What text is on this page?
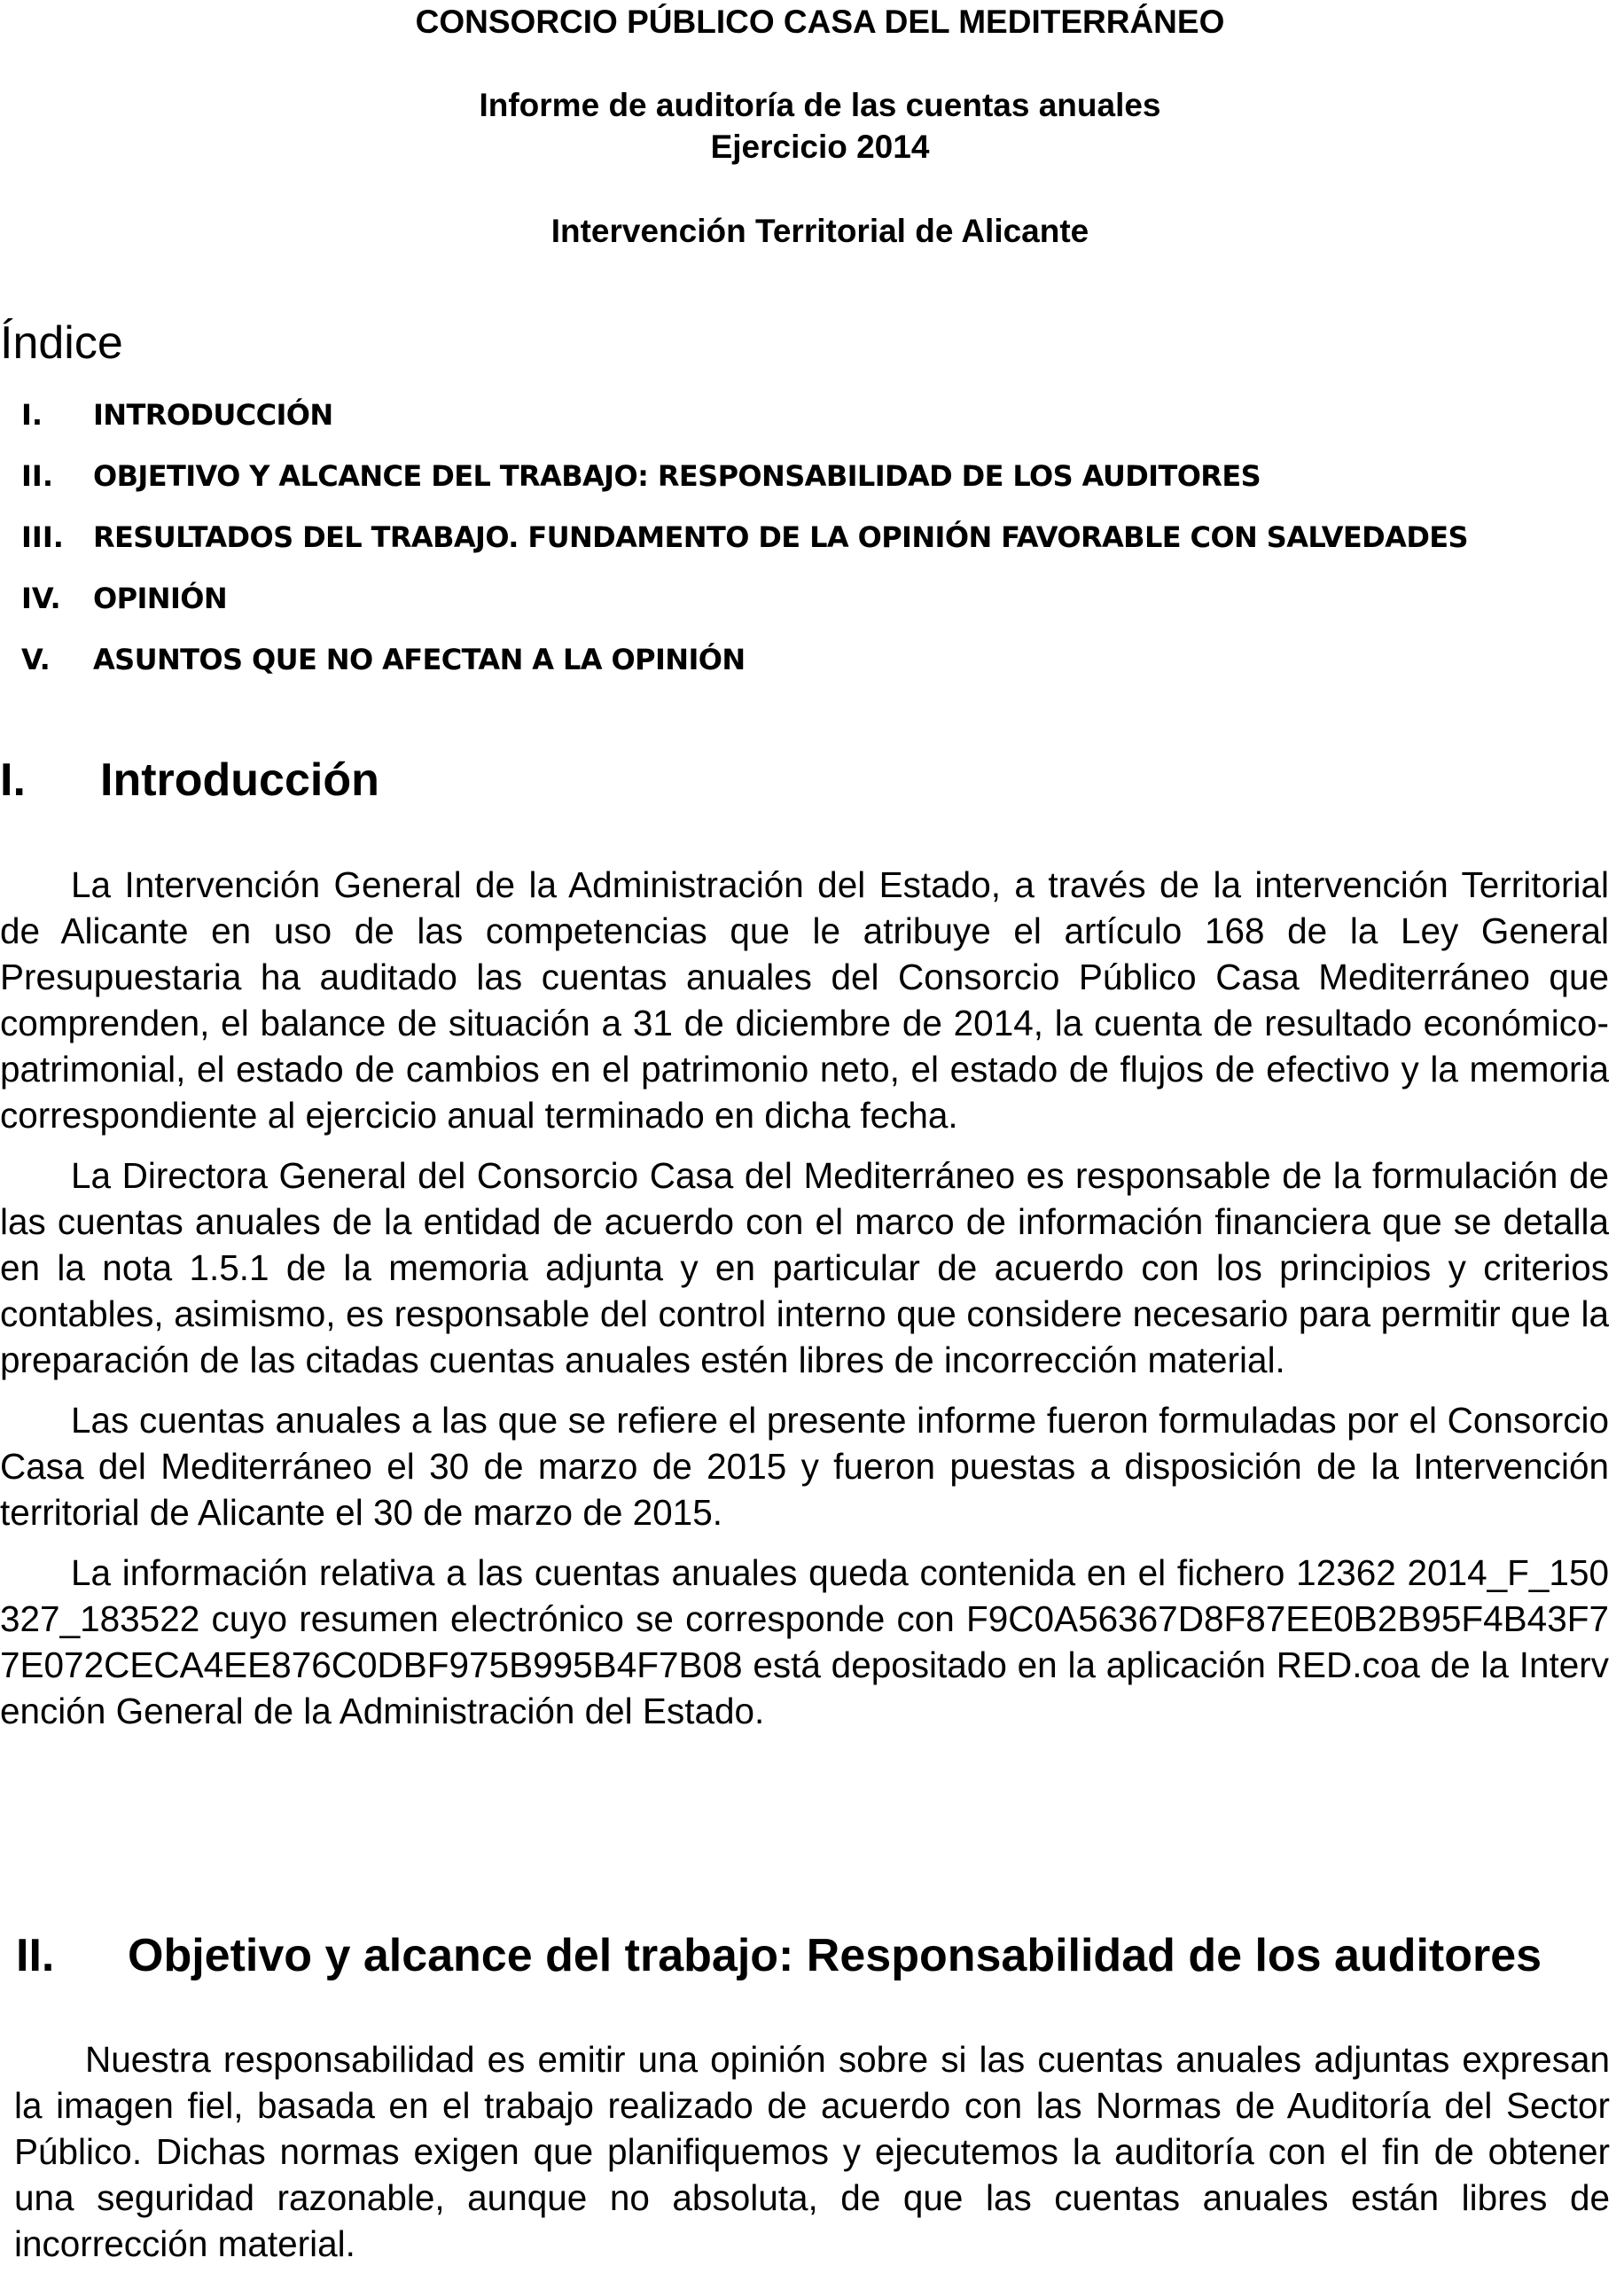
CONSORCIO PÚBLICO CASA DEL MEDITERRÁNEO
Informe de auditoría de las cuentas anuales
Ejercicio 2014
Intervención Territorial de Alicante
Índice
I.	INTRODUCCIÓN
II.	OBJETIVO Y ALCANCE DEL TRABAJO: RESPONSABILIDAD DE LOS AUDITORES
III.	RESULTADOS DEL TRABAJO. FUNDAMENTO DE LA OPINIÓN FAVORABLE CON SALVEDADES
IV.	OPINIÓN
V.	ASUNTOS QUE NO AFECTAN A LA OPINIÓN
I. Introducción

La Intervención General de la Administración del Estado, a través de la intervención Territorial de Alicante en uso de las competencias que le atribuye el artículo 168 de la Ley General Presupuestaria ha auditado las cuentas anuales del Consorcio Público Casa Mediterráneo que comprenden, el balance de situación a 31 de diciembre de 2014, la cuenta de resultado económico-patrimonial, el estado de cambios en el patrimonio neto, el estado de flujos de efectivo y la memoria correspondiente al ejercicio anual terminado en dicha fecha.

La Directora General del Consorcio Casa del Mediterráneo es responsable de la formulación de las cuentas anuales de la entidad de acuerdo con el marco de información financiera que se detalla en la nota 1.5.1 de la memoria adjunta y en particular de acuerdo con los principios y criterios contables, asimismo, es responsable del control interno que considere necesario para permitir que la preparación de las citadas cuentas anuales estén libres de incorrección material.

Las cuentas anuales a las que se refiere el presente informe fueron formuladas por el Consorcio Casa del Mediterráneo el 30 de marzo de 2015 y fueron puestas a disposición de la Intervención territorial de Alicante el 30 de marzo de 2015.

La información relativa a las cuentas anuales queda contenida en el fichero 12362 2014_F_150327_183522 cuyo resumen electrónico se corresponde con F9C0A56367D8F87EE0B2B95F4B43F77E072CECA4EE876C0DBF975B995B4F7B08 está depositado en la aplicación RED.coa de la Intervención General de la Administración del Estado.

II. Objetivo y alcance del trabajo: Responsabilidad de los auditores

Nuestra responsabilidad es emitir una opinión sobre si las cuentas anuales adjuntas expresan la imagen fiel, basada en el trabajo realizado de acuerdo con las Normas de Auditoría del Sector Público. Dichas normas exigen que planifiquemos y ejecutemos la auditoría con el fin de obtener una seguridad razonable, aunque no absoluta, de que las cuentas anuales están libres de incorrección material.
